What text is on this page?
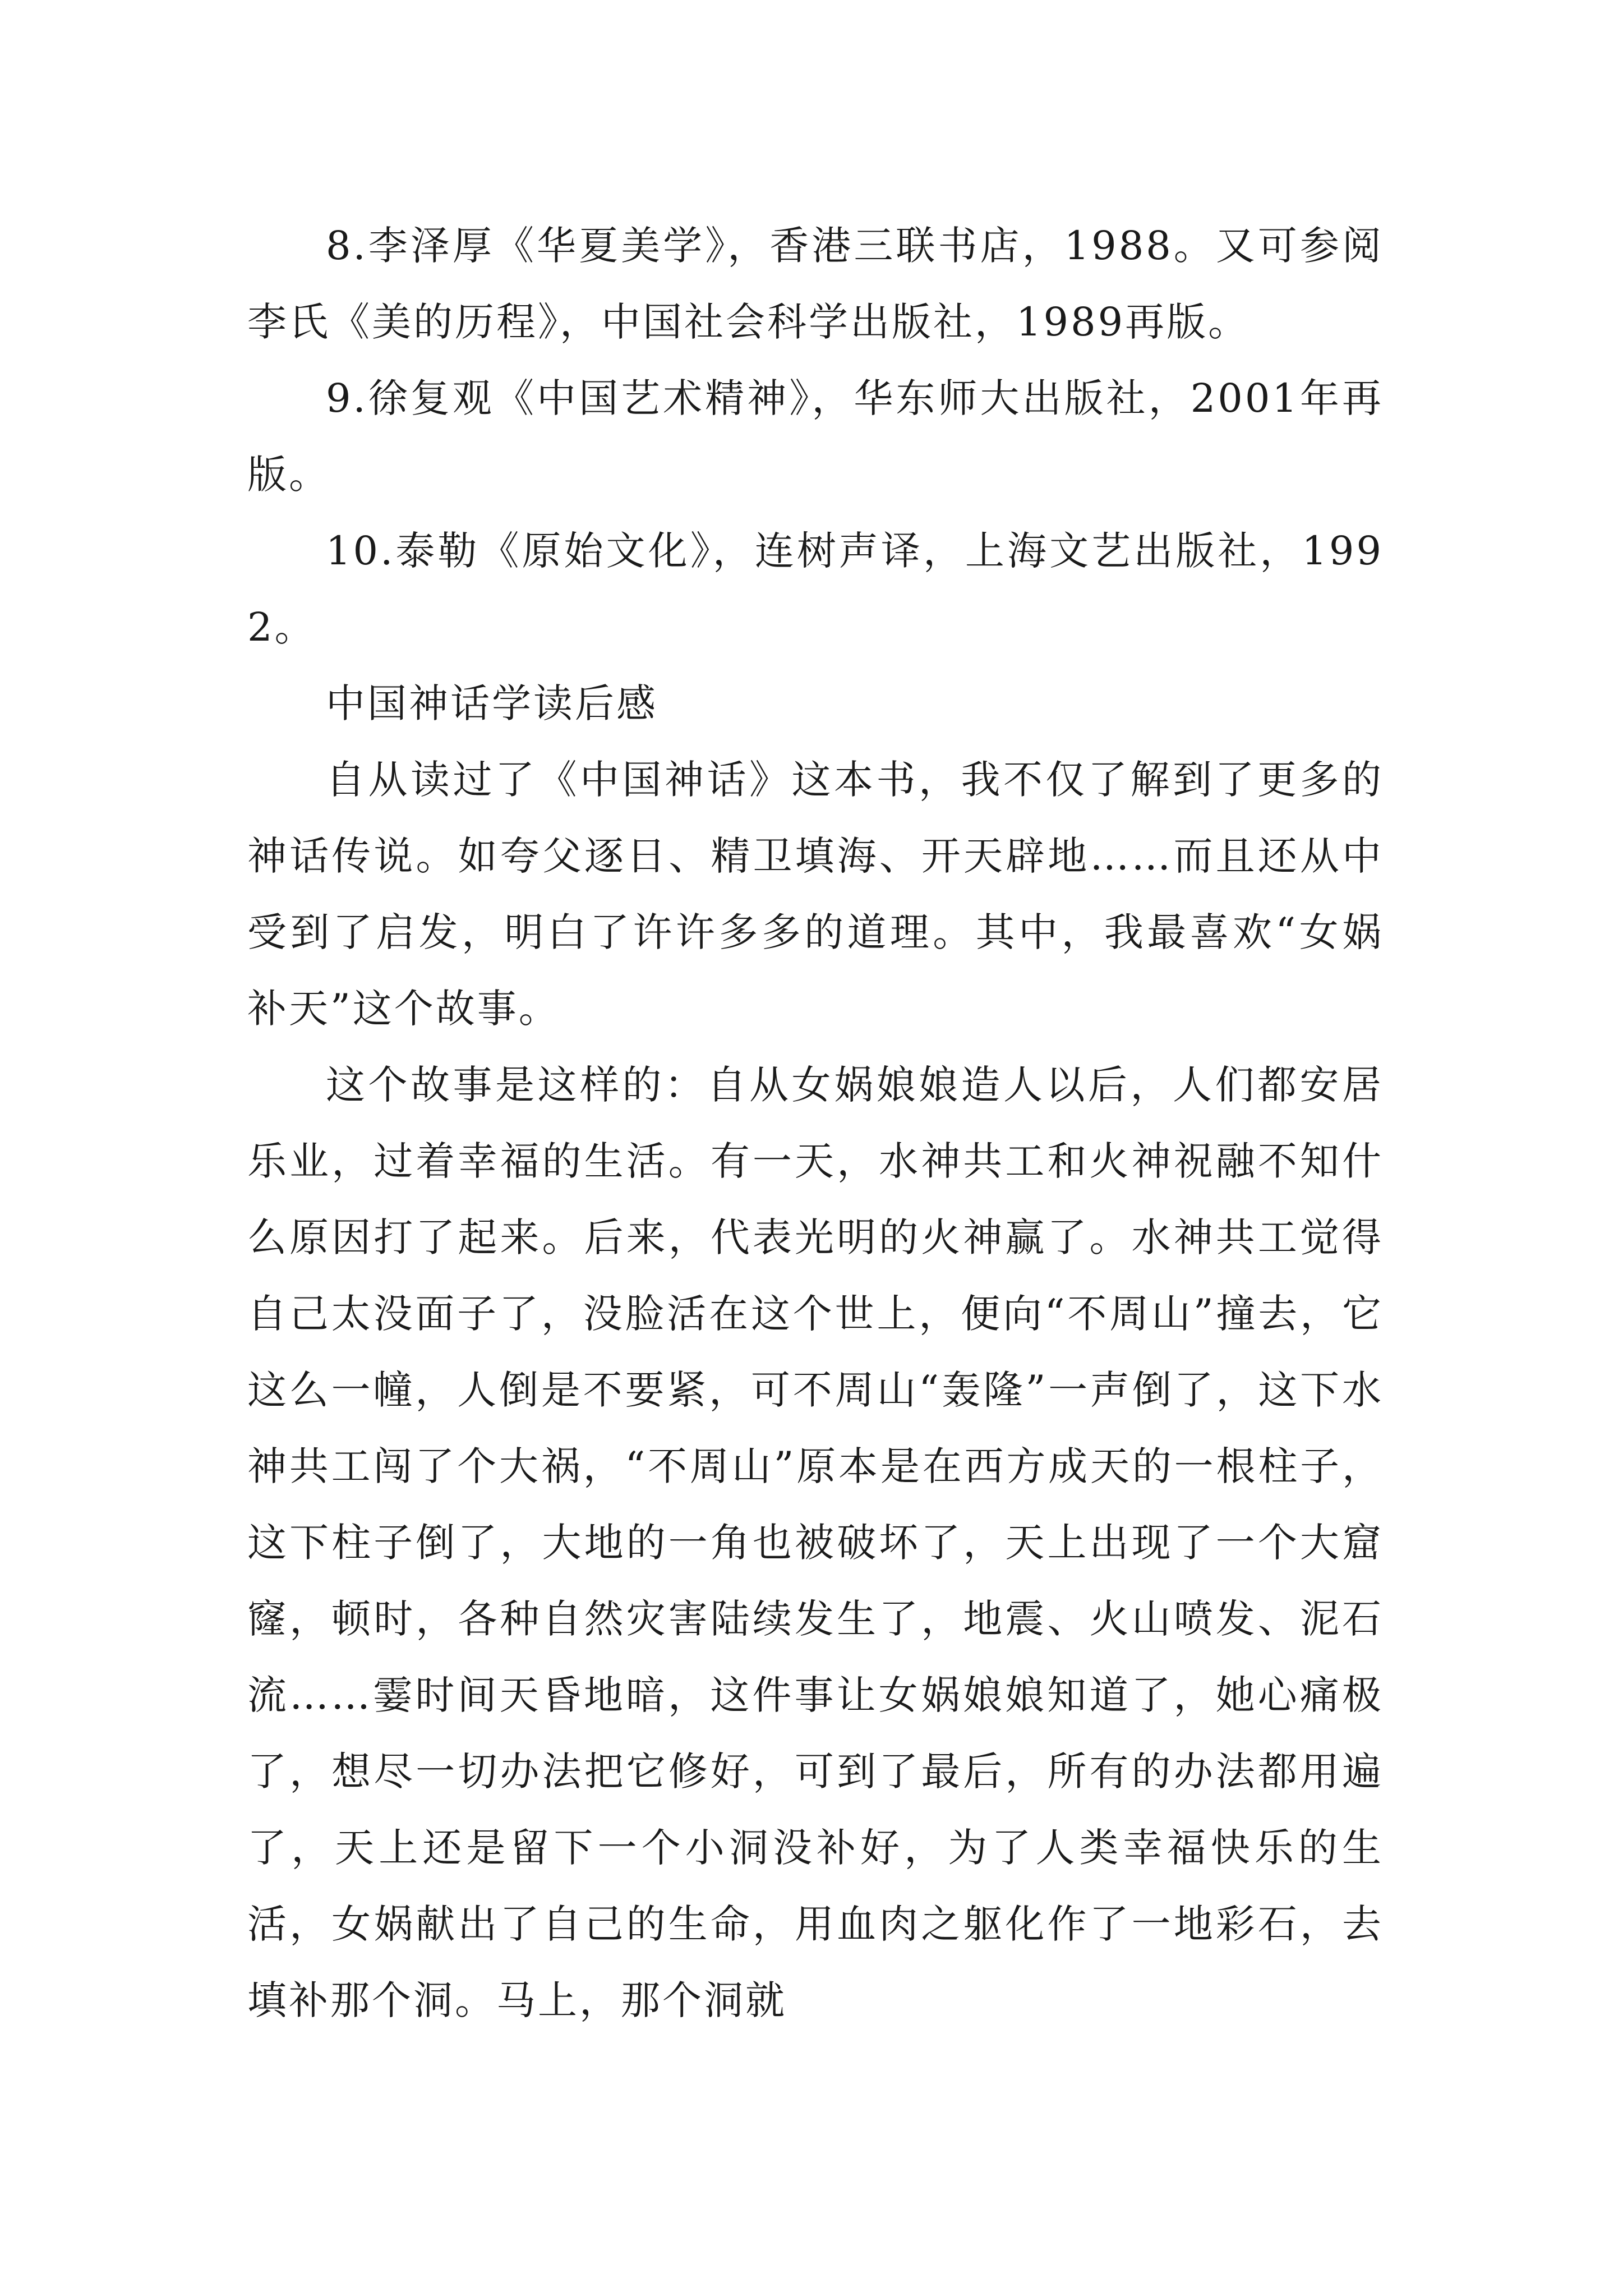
8.李泽厚《华夏美学》，香港三联书店，1988。又可参阅李氏《美的历程》，中国社会科学出版社，1989再版。

9.徐复观《中国艺术精神》，华东师大出版社，2001年再版。

10.泰勒《原始文化》，连树声译，上海文艺出版社，1992。

中国神话学读后感

自从读过了《中国神话》这本书，我不仅了解到了更多的神话传说。如夸父逐日、精卫填海、开天辟地……而且还从中受到了启发，明白了许许多多的道理。其中，我最喜欢“女娲补天”这个故事。

这个故事是这样的：自从女娲娘娘造人以后，人们都安居乐业，过着幸福的生活。有一天，水神共工和火神祝融不知什么原因打了起来。后来，代表光明的火神赢了。水神共工觉得自己太没面子了，没脸活在这个世上，便向“不周山”撞去，它这么一幢，人倒是不要紧，可不周山“轰隆”一声倒了，这下水神共工闯了个大祸，“不周山”原本是在西方成天的一根柱子，这下柱子倒了，大地的一角也被破坏了，天上出现了一个大窟窿，顿时，各种自然灾害陆续发生了，地震、火山喷发、泥石流……霎时间天昏地暗，这件事让女娲娘娘知道了，她心痛极了，想尽一切办法把它修好，可到了最后，所有的办法都用遍了，天上还是留下一个小洞没补好，为了人类幸福快乐的生活，女娲献出了自己的生命，用血肉之躯化作了一地彩石，去填补那个洞。马上，那个洞就
